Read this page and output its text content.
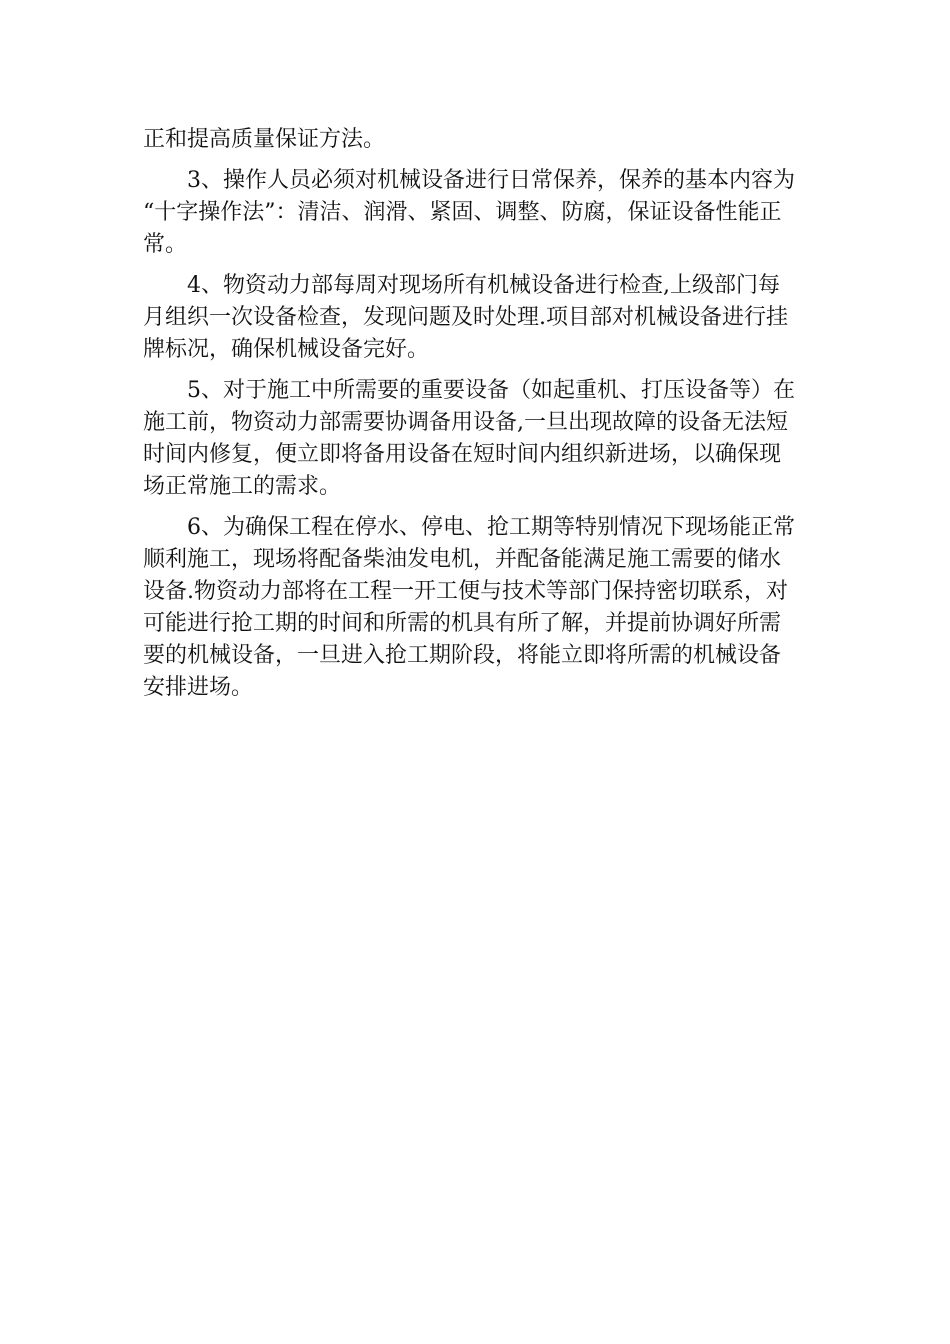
正和提高质量保证方法。
3、操作人员必须对机械设备进行日常保养，保养的基本内容为
“十字操作法”：清洁、润滑、紧固、调整、防腐，保证设备性能正
常。
4、物资动力部每周对现场所有机械设备进行检查,上级部门每
月组织一次设备检查，发现问题及时处理.项目部对机械设备进行挂
牌标况，确保机械设备完好。
5、对于施工中所需要的重要设备（如起重机、打压设备等）在
施工前，物资动力部需要协调备用设备,一旦出现故障的设备无法短
时间内修复，便立即将备用设备在短时间内组织新进场，以确保现
场正常施工的需求。
6、为确保工程在停水、停电、抢工期等特别情况下现场能正常
顺利施工，现场将配备柴油发电机，并配备能满足施工需要的储水
设备.物资动力部将在工程一开工便与技术等部门保持密切联系，对
可能进行抢工期的时间和所需的机具有所了解，并提前协调好所需
要的机械设备，一旦进入抢工期阶段，将能立即将所需的机械设备
安排进场。
